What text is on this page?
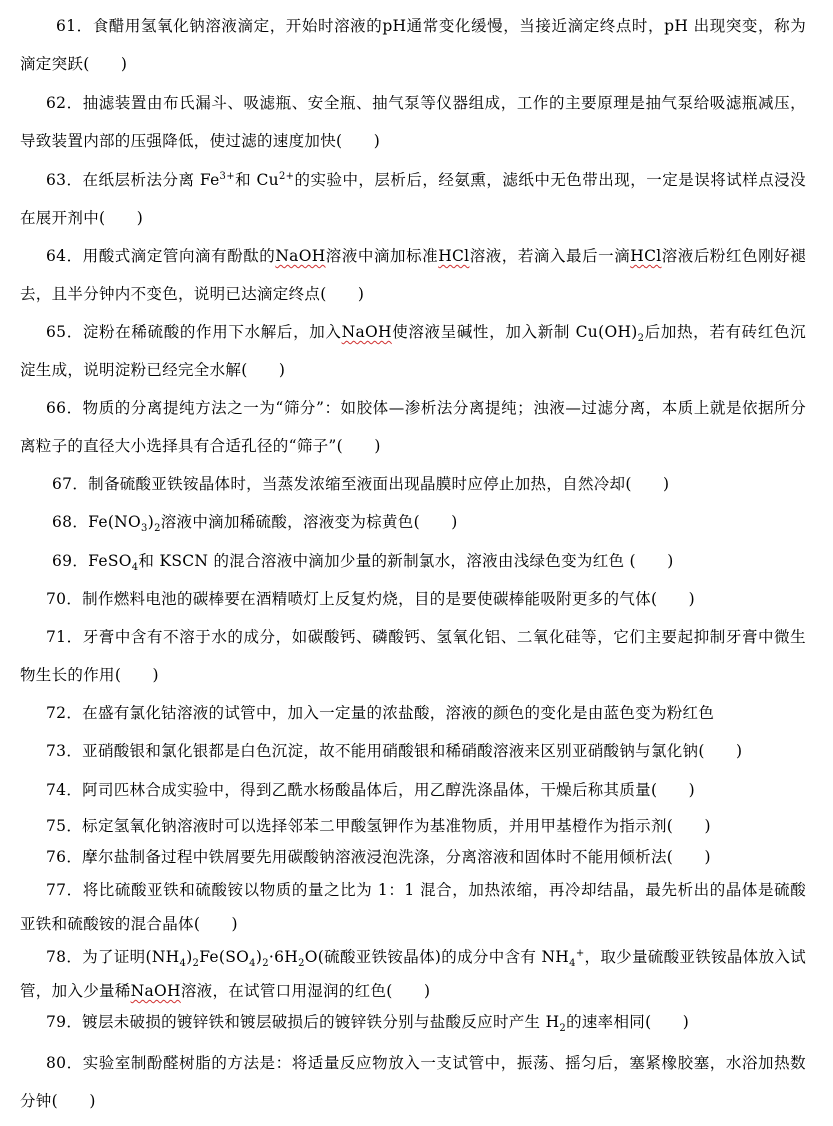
61．食醋用氢氧化钠溶液滴定，开始时溶液的pH通常变化缓慢，当接近滴定终点时，pH 出现突变，称为滴定突跃(      )

62．抽滤装置由布氏漏斗、吸滤瓶、安全瓶、抽气泵等仪器组成，工作的主要原理是抽气泵给吸滤瓶减压，导致装置内部的压强降低，使过滤的速度加快(      )

63．在纸层析法分离 $Fe^{3+}$和 $Cu^{2+}$的实验中，层析后，经氨熏，滤纸中无色带出现，一定是误将试样点浸没在展开剂中(      )

64．用酸式滴定管向滴有酚酞的NaOH溶液中滴加标准HCl溶液，若滴入最后一滴HCl溶液后粉红色刚好褪去，且半分钟内不变色，说明已达滴定终点(      )

65．淀粉在稀硫酸的作用下水解后，加入NaOH使溶液呈碱性，加入新制 $Cu(OH)_2$后加热，若有砖红色沉淀生成，说明淀粉已经完全水解(      )

66．物质的分离提纯方法之一为“筛分”：如胶体—渗析法分离提纯；浊液—过滤分离，本质上就是依据所分离粒子的直径大小选择具有合适孔径的“筛子”(      )

67．制备硫酸亚铁铵晶体时，当蒸发浓缩至液面出现晶膜时应停止加热，自然冷却(      )

68．$Fe(NO_3)_2$溶液中滴加稀硫酸，溶液变为棕黄色(      )

69．FeSO$_4$和 KSCN 的混合溶液中滴加少量的新制氯水，溶液由浅绿色变为红色 (      )

70．制作燃料电池的碳棒要在酒精喷灯上反复灼烧，目的是要使碳棒能吸附更多的气体(      )

71．牙膏中含有不溶于水的成分，如碳酸钙、磷酸钙、氢氧化铝、二氧化硅等，它们主要起抑制牙膏中微生物生长的作用(      )

72．在盛有氯化钴溶液的试管中，加入一定量的浓盐酸，溶液的颜色的变化是由蓝色变为粉红色

73．亚硝酸银和氯化银都是白色沉淀，故不能用硝酸银和稀硝酸溶液来区别亚硝酸钠与氯化钠(      )

74．阿司匹林合成实验中，得到乙酰水杨酸晶体后，用乙醇洗涤晶体，干燥后称其质量(      )

75．标定氢氧化钠溶液时可以选择邻苯二甲酸氢钾作为基准物质，并用甲基橙作为指示剂(      )

76．摩尔盐制备过程中铁屑要先用碳酸钠溶液浸泡洗涤，分离溶液和固体时不能用倾析法(      )

77．将比硫酸亚铁和硫酸铵以物质的量之比为 1：1 混合，加热浓缩，再冷却结晶，最先析出的晶体是硫酸亚铁和硫酸铵的混合晶体(      )

78．为了证明$(NH_4)_2Fe(SO_4)_2\cdot 6H_2O$(硫酸亚铁铵晶体)的成分中含有 $NH_4^+$，取少量硫酸亚铁铵晶体放入试管，加入少量稀NaOH溶液，在试管口用湿润的红色(      )

79．镀层未破损的镀锌铁和镀层破损后的镀锌铁分别与盐酸反应时产生 $H_2$的速率相同(      )

80．实验室制酚醛树脂的方法是：将适量反应物放入一支试管中，振荡、摇匀后，塞紧橡胶塞，水浴加热数分钟(      )
